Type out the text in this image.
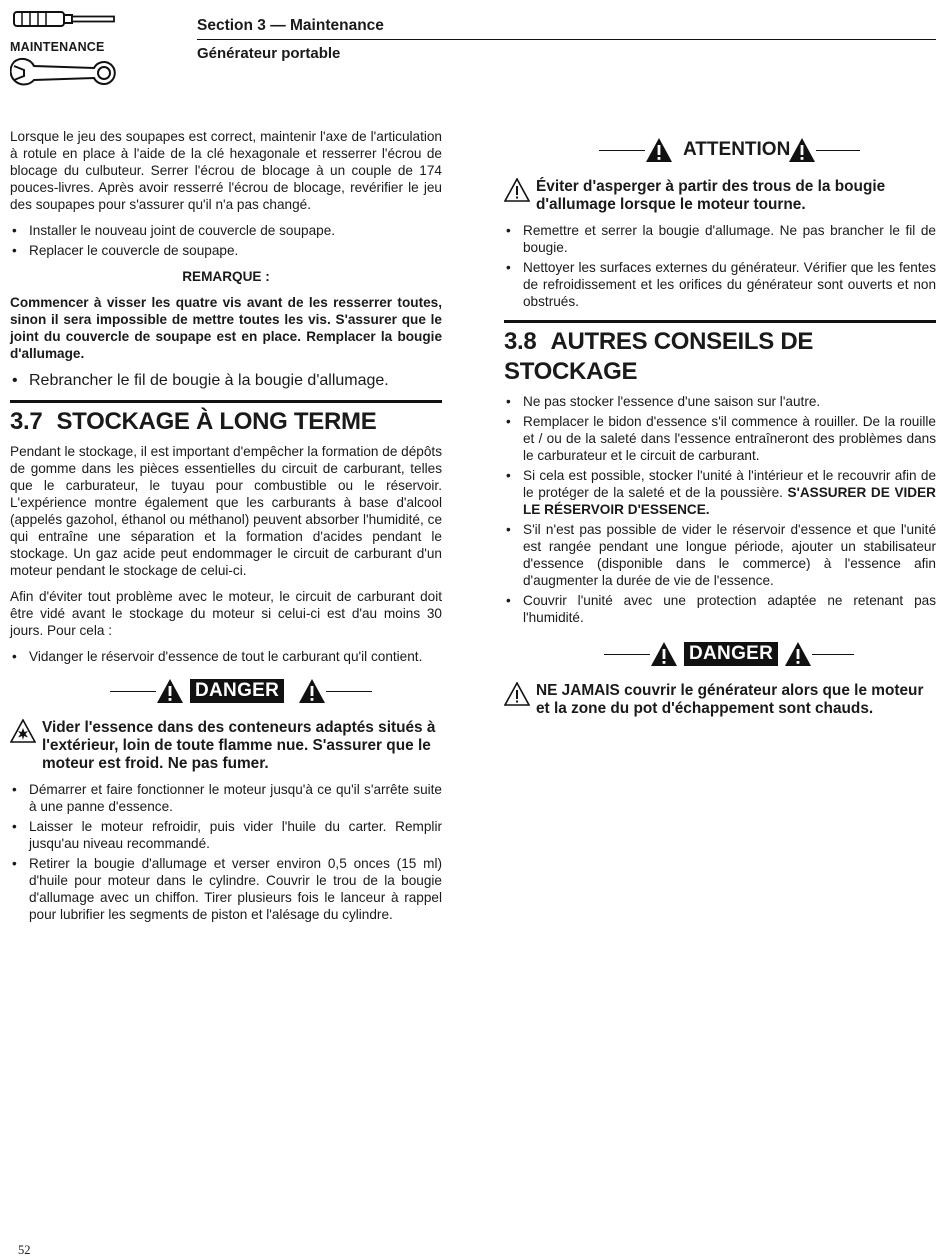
MAINTENANCE
Section 3 — Maintenance
Générateur portable

Lorsque le jeu des soupapes est correct, maintenir l'axe de l'articulation à rotule en place à l'aide de la clé hexagonale et resserrer l'écrou de blocage du culbuteur. Serrer l'écrou de blocage à un couple de 174 pouces-livres. Après avoir resserré l'écrou de blocage, revérifier le jeu des soupapes pour s'assurer qu'il n'a pas changé.

• Installer le nouveau joint de couvercle de soupape.
• Replacer le couvercle de soupape.
REMARQUE :
Commencer à visser les quatre vis avant de les resserrer toutes, sinon il sera impossible de mettre toutes les vis. S'assurer que le joint du couvercle de soupape est en place. Remplacer la bougie d'allumage.
• Rebrancher le fil de bougie à la bougie d'allumage.
3.7 STOCKAGE À LONG TERME

Pendant le stockage, il est important d'empêcher la formation de dépôts de gomme dans les pièces essentielles du circuit de carburant, telles que le carburateur, le tuyau pour combustible ou le réservoir. L'expérience montre également que les carburants à base d'alcool (appelés gazohol, éthanol ou méthanol) peuvent absorber l'humidité, ce qui entraîne une séparation et la formation d'acides pendant le stockage. Un gaz acide peut endommager le circuit de carburant d'un moteur pendant le stockage de celui-ci.

Afin d'éviter tout problème avec le moteur, le circuit de carburant doit être vidé avant le stockage du moteur si celui-ci est d'au moins 30 jours. Pour cela :

• Vidanger le réservoir d'essence de tout le carburant qu'il contient.
DANGER
Vider l'essence dans des conteneurs adaptés situés à l'extérieur, loin de toute flamme nue. S'assurer que le moteur est froid. Ne pas fumer.
• Démarrer et faire fonctionner le moteur jusqu'à ce qu'il s'arrête suite à une panne d'essence.
• Laisser le moteur refroidir, puis vider l'huile du carter. Remplir jusqu'au niveau recommandé.
• Retirer la bougie d'allumage et verser environ 0,5 onces (15 ml) d'huile pour moteur dans le cylindre. Couvrir le trou de la bougie d'allumage avec un chiffon. Tirer plusieurs fois le lanceur à rappel pour lubrifier les segments de piston et l'alésage du cylindre.
ATTENTION
Éviter d'asperger à partir des trous de la bougie d'allumage lorsque le moteur tourne.
• Remettre et serrer la bougie d'allumage. Ne pas brancher le fil de bougie.
• Nettoyer les surfaces externes du générateur. Vérifier que les fentes de refroidissement et les orifices du générateur sont ouverts et non obstrués.
3.8 AUTRES CONSEILS DE STOCKAGE
• Ne pas stocker l'essence d'une saison sur l'autre.
• Remplacer le bidon d'essence s'il commence à rouiller. De la rouille et / ou de la saleté dans l'essence entraîneront des problèmes dans le carburateur et le circuit de carburant.
• Si cela est possible, stocker l'unité à l'intérieur et le recouvrir afin de le protéger de la saleté et de la poussière. S'ASSURER DE VIDER LE RÉSERVOIR D'ESSENCE.
• S'il n'est pas possible de vider le réservoir d'essence et que l'unité est rangée pendant une longue période, ajouter un stabilisateur d'essence (disponible dans le commerce) à l'essence afin d'augmenter la durée de vie de l'essence.
• Couvrir l'unité avec une protection adaptée ne retenant pas l'humidité.
DANGER
NE JAMAIS couvrir le générateur alors que le moteur et la zone du pot d'échappement sont chauds.
52
